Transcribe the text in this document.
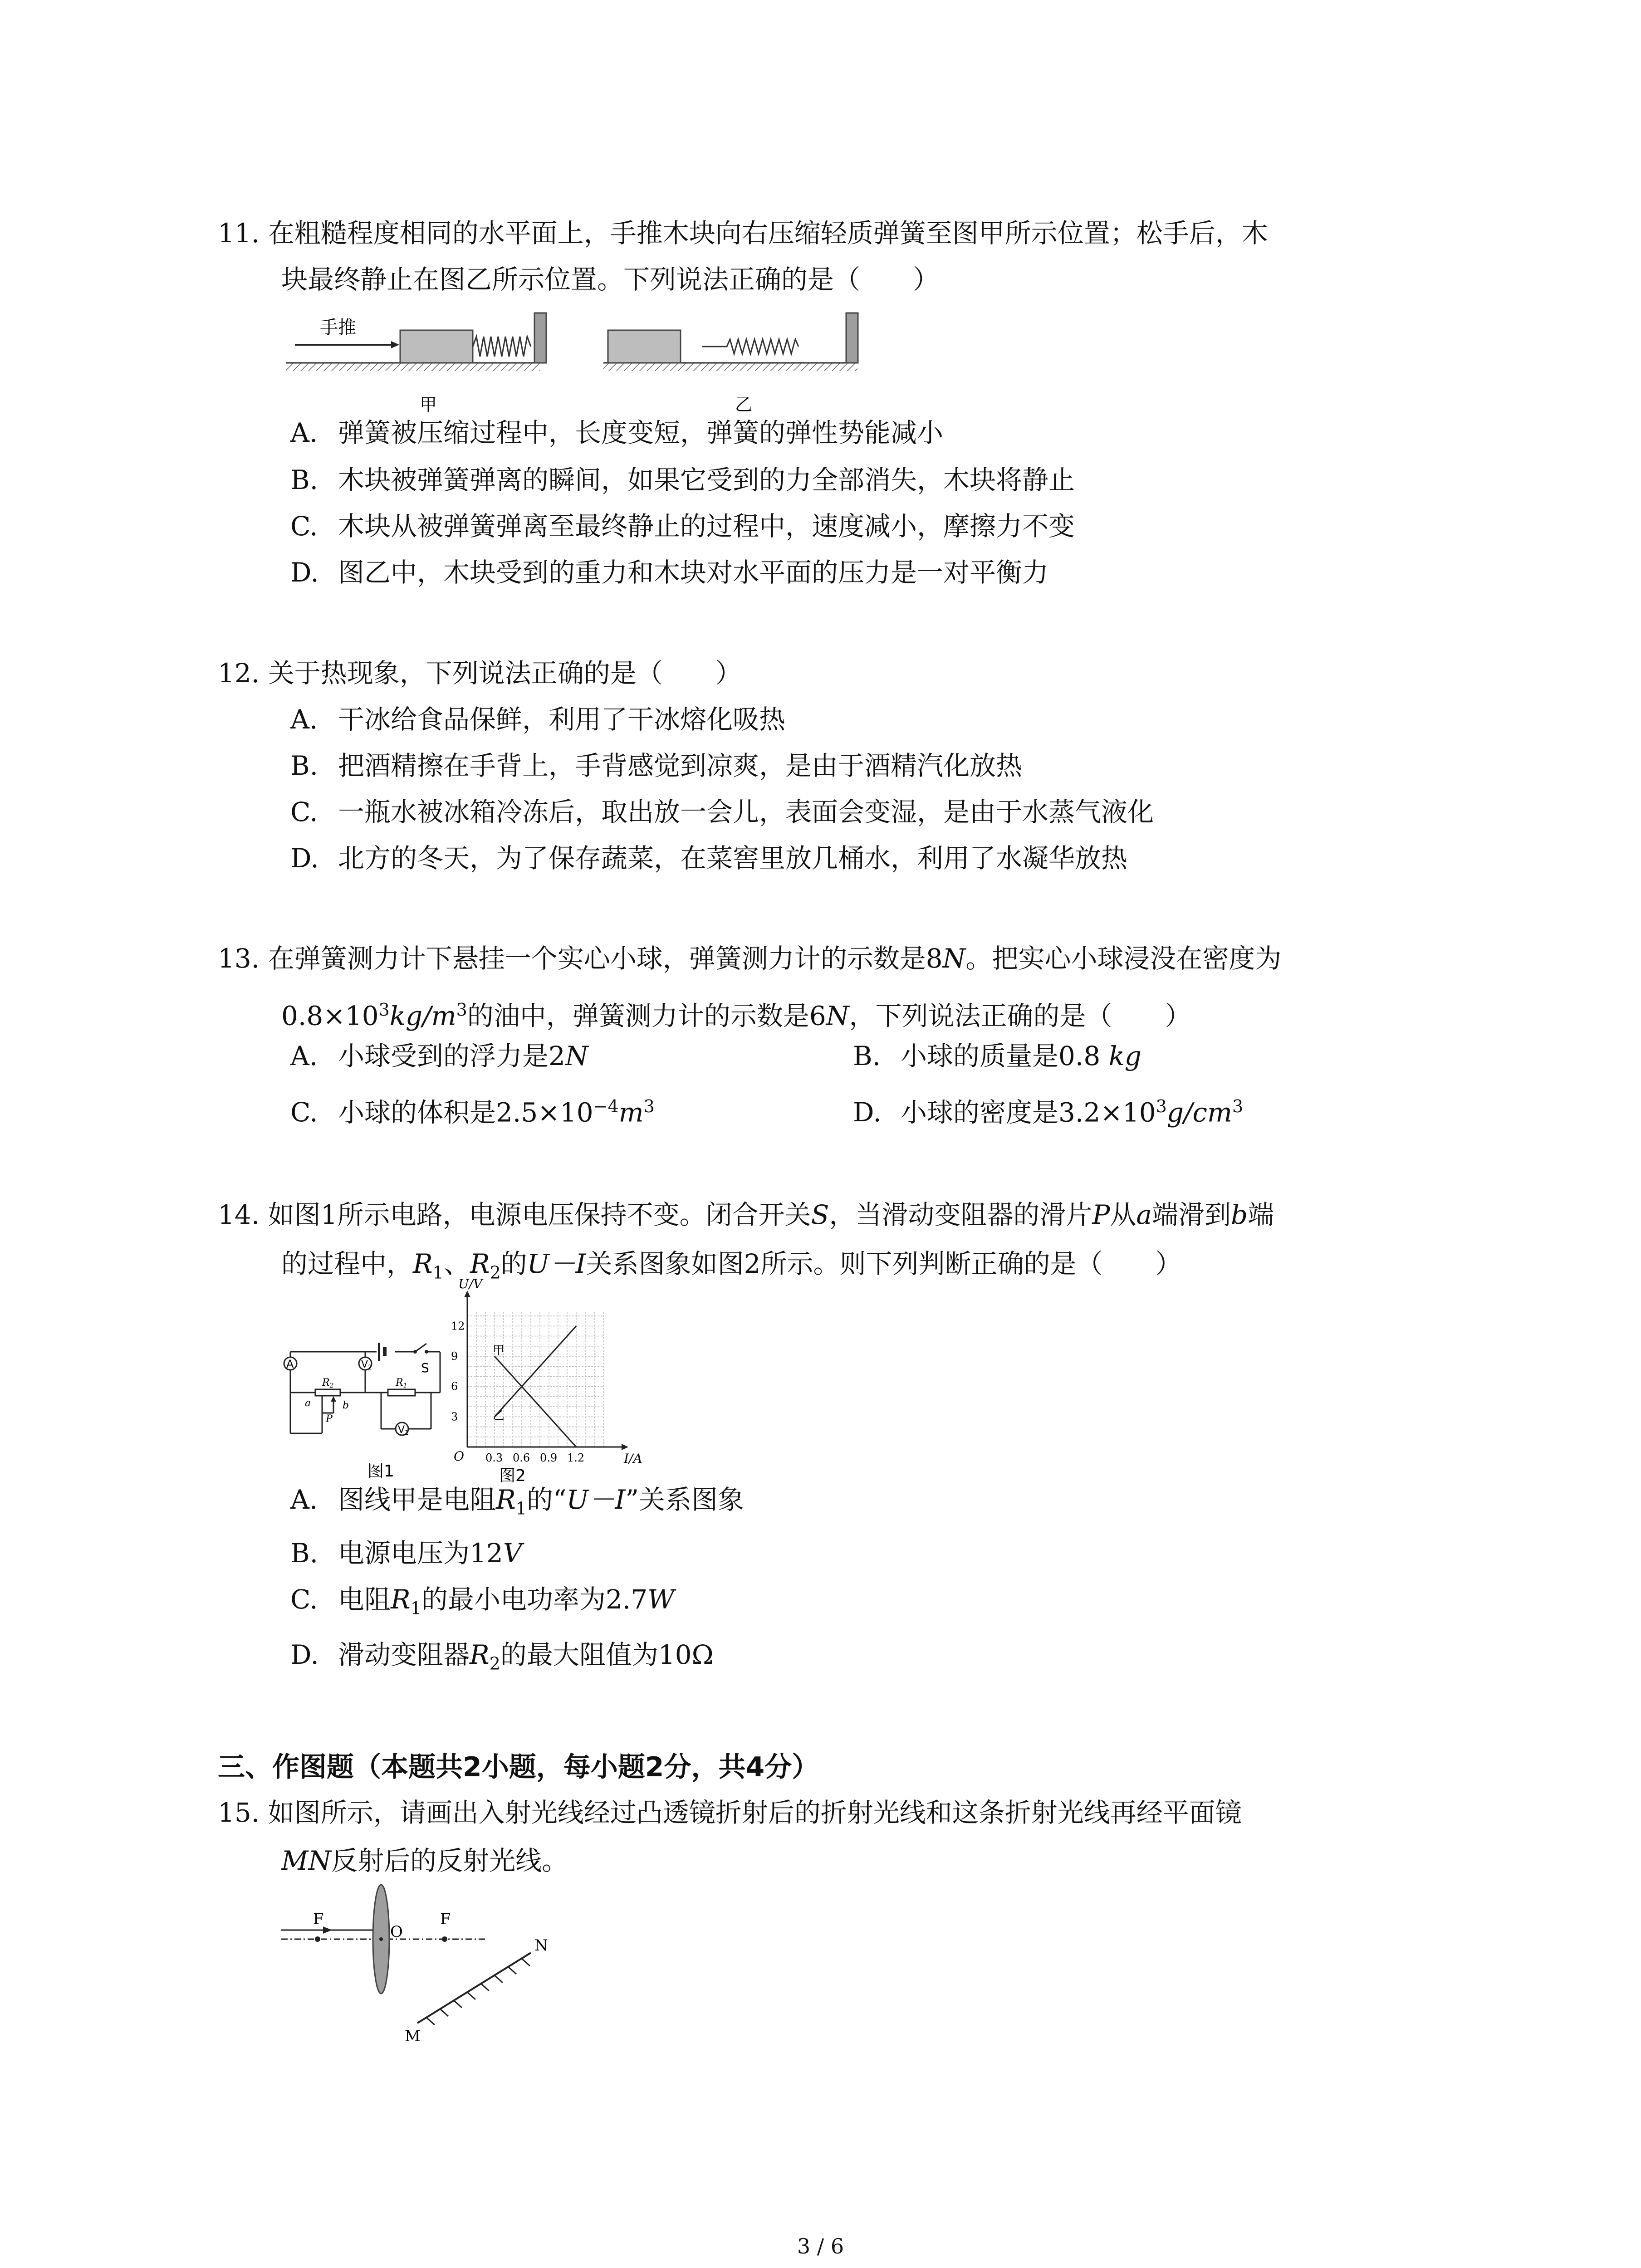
11. 在粗糙程度相同的水平面上，手推木块向右压缩轻质弹簧至图甲所示位置；松手后，木
块最终静止在图乙所示位置。下列说法正确的是（　　）
手推
甲	乙
A. 弹簧被压缩过程中，长度变短，弹簧的弹性势能减小
B. 木块被弹簧弹离的瞬间，如果它受到的力全部消失，木块将静止
C. 木块从被弹簧弹离至最终静止的过程中，速度减小，摩擦力不变
D. 图乙中，木块受到的重力和木块对水平面的压力是一对平衡力
12. 关于热现象，下列说法正确的是（　　）
A. 干冰给食品保鲜，利用了干冰熔化吸热
B. 把酒精擦在手背上，手背感觉到凉爽，是由于酒精汽化放热
C. 一瓶水被冰箱冷冻后，取出放一会儿，表面会变湿，是由于水蒸气液化
D. 北方的冬天，为了保存蔬菜，在菜窖里放几桶水，利用了水凝华放热
13. 在弹簧测力计下悬挂一个实心小球，弹簧测力计的示数是8N。把实心小球浸没在密度为
$0.8\times 10^3kg/m^3$的油中，弹簧测力计的示数是6N，下列说法正确的是（　　）
A. 小球受到的浮力是2N	B. 小球的质量是0.8 kg
C. 小球的体积是$2.5\times 10^{-4}m^3$	D. 小球的密度是$3.2\times 10^3g/cm^3$
14. 如图1所示电路，电源电压保持不变。闭合开关S，当滑动变阻器的滑片P从a端滑到b端
的过程中，$R_1$、$R_2$的U－I关系图象如图2所示。则下列判断正确的是（　　）
S
A	V2
V1
R2
a	b
P
R1
图1
0.3 0.6 0.9 1.2
3
6
9
12
U/V
I/A
O
甲
乙
图2
A. 图线甲是电阻$R_1$的“U－I”关系图象
B. 电源电压为12V
C. 电阻$R_1$的最小电功率为2.7W
D. 滑动变阻器$R_2$的最大阻值为10Ω
三、作图题（本题共2小题，每小题2分，共4分）
15. 如图所示，请画出入射光线经过凸透镜折射后的折射光线和这条折射光线再经平面镜
MN反射后的反射光线。
F
O
F
N
M
3 / 6
